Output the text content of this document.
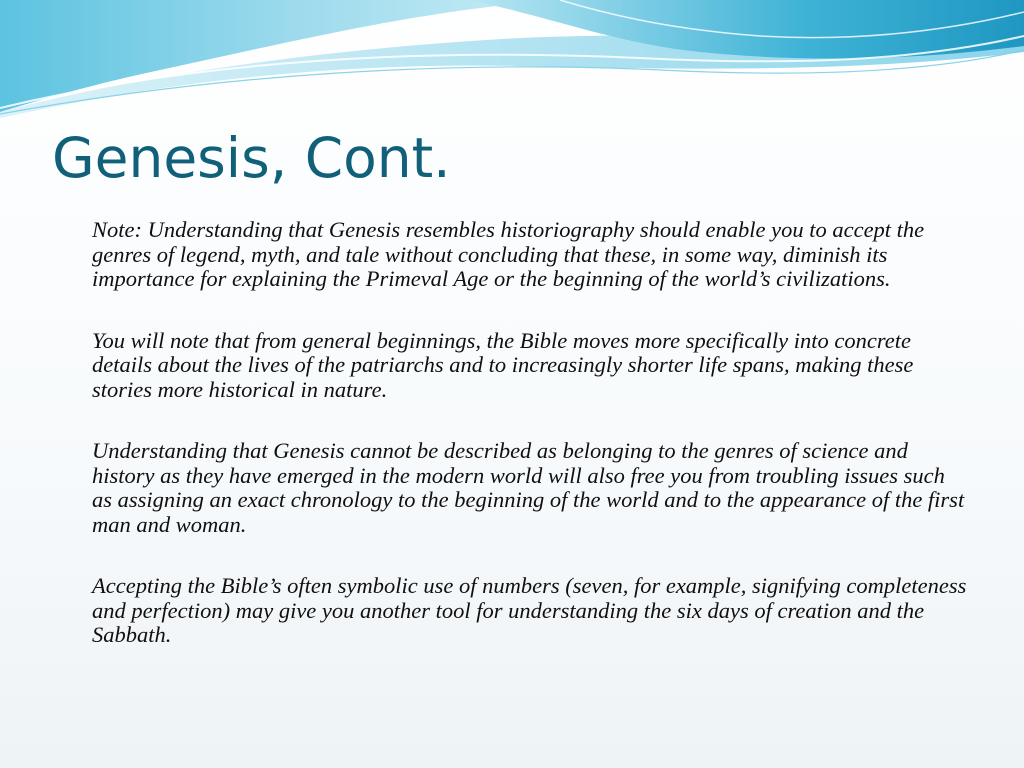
Genesis, Cont.

Note: Understanding that Genesis resembles historiography should enable you to accept the genres of legend, myth, and tale without concluding that these, in some way, diminish its importance for explaining the Primeval Age or the beginning of the world’s civilizations.

You will note that from general beginnings, the Bible moves more specifically into concrete details about the lives of the patriarchs and to increasingly shorter life spans, making these stories more historical in nature.

Understanding that Genesis cannot be described as belonging to the genres of science and history as they have emerged in the modern world will also free you from troubling issues such as assigning an exact chronology to the beginning of the world and to the appearance of the first man and woman.

Accepting the Bible’s often symbolic use of numbers (seven, for example, signifying completeness and perfection) may give you another tool for understanding the six days of creation and the Sabbath.
